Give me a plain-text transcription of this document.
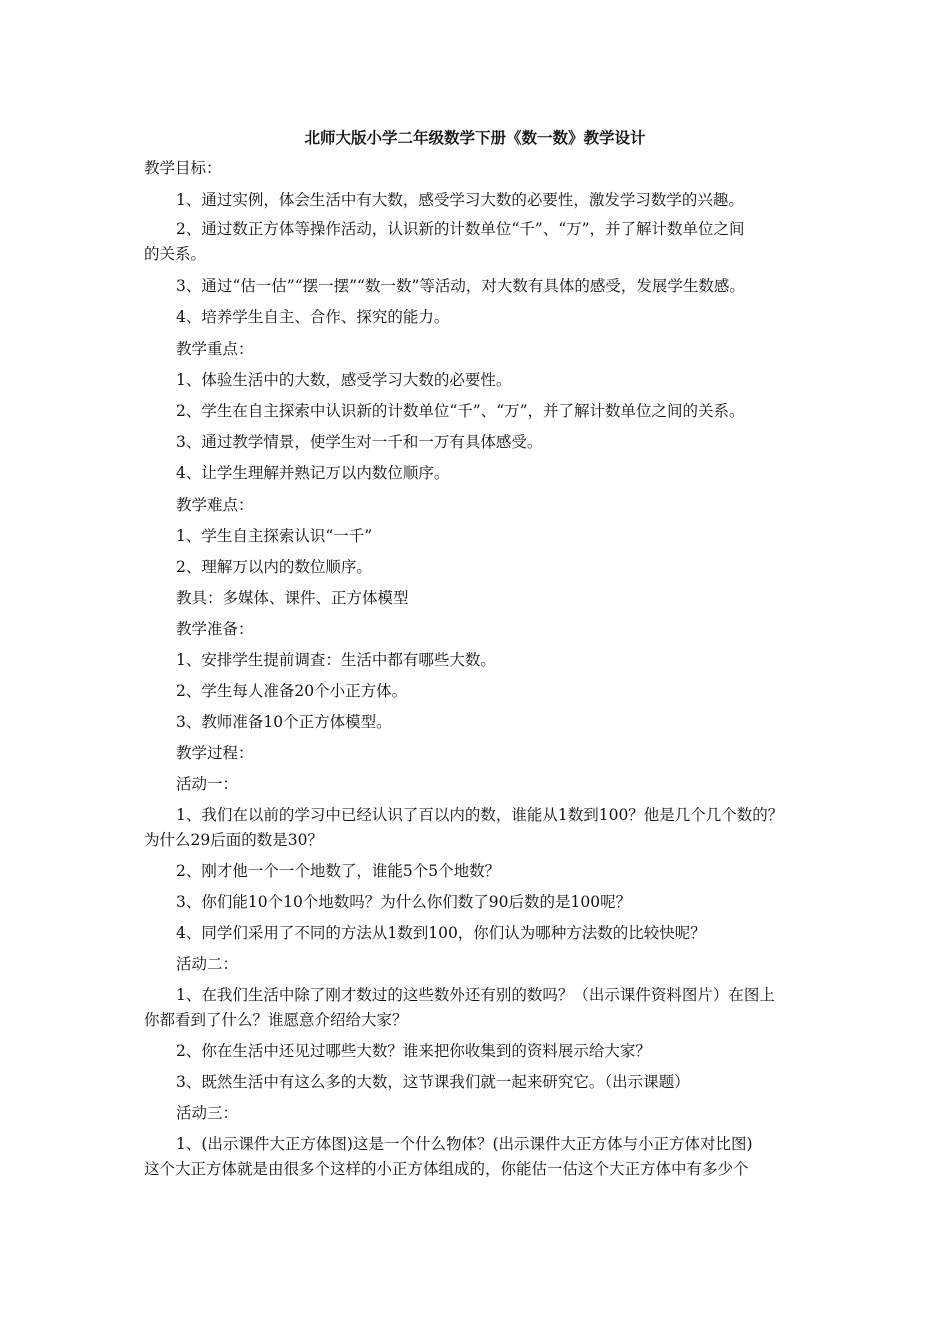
北师大版小学二年级数学下册《数一数》教学设计
教学目标：
1、通过实例，体会生活中有大数，感受学习大数的必要性，激发学习数学的兴趣。
2、通过数正方体等操作活动，认识新的计数单位“千”、“万”，并了解计数单位之间
的关系。
3、通过“估一估”“摆一摆”“数一数”等活动，对大数有具体的感受，发展学生数感。
4、培养学生自主、合作、探究的能力。
教学重点：
1、体验生活中的大数，感受学习大数的必要性。
2、学生在自主探索中认识新的计数单位“千”、“万”，并了解计数单位之间的关系。
3、通过教学情景，使学生对一千和一万有具体感受。
4、让学生理解并熟记万以内数位顺序。
教学难点：
1、学生自主探索认识“一千”
2、理解万以内的数位顺序。
教具：多媒体、课件、正方体模型
教学准备：
1、安排学生提前调查：生活中都有哪些大数。
2、学生每人准备20个小正方体。
3、教师准备10个正方体模型。
教学过程：
活动一：
1、我们在以前的学习中已经认识了百以内的数，谁能从1数到100？他是几个几个数的？
为什么29后面的数是30？
2、刚才他一个一个地数了，谁能5个5个地数？
3、你们能10个10个地数吗？为什么你们数了90后数的是100呢？
4、同学们采用了不同的方法从1数到100，你们认为哪种方法数的比较快呢？
活动二：
1、在我们生活中除了刚才数过的这些数外还有别的数吗？（出示课件资料图片）在图上
你都看到了什么？谁愿意介绍给大家？
2、你在生活中还见过哪些大数？谁来把你收集到的资料展示给大家？
3、既然生活中有这么多的大数，这节课我们就一起来研究它。（出示课题）
活动三：
1、(出示课件大正方体图)这是一个什么物体？(出示课件大正方体与小正方体对比图)
这个大正方体就是由很多个这样的小正方体组成的，你能估一估这个大正方体中有多少个
